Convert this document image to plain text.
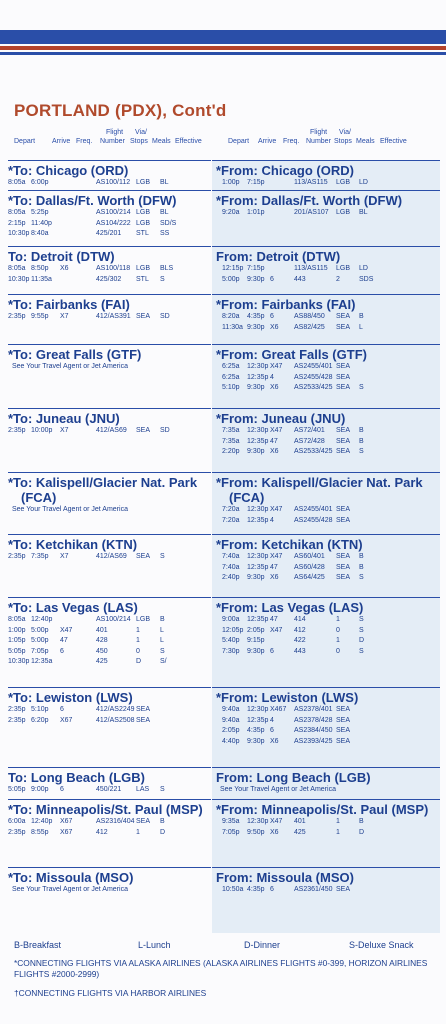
PORTLAND (PDX), Cont'd
Depart Arrive Freq.
Flight
Number
Via/
Stops Meals Effective	Depart Arrive Freq.
Flight
Number
Via/
Stops Meals Effective
*To: Chicago (ORD)
8:05a 6:00p	AS100/112 LGB BL
*To: Dallas/Ft. Worth (DFW)
8:05a 5:25p	AS100/214 LGB BL
2:15p 11:40p	AS104/222 LGB SD/S
10:30p 8:40a	425/201 STL SS
To: Detroit (DTW)
8:05a 8:50p X6	AS100/118 LGB BLS
10:30p 11:35a	425/302 STL S
*To: Fairbanks (FAI)
2:35p 9:55p X7	412/AS391 SEA SD
*To: Great Falls (GTF)
See Your Travel Agent or Jet America
*To: Juneau (JNU)
2:35p 10:00p X7	412/AS69 SEA SD
*To: Kalispell/Glacier Nat. Park (FCA)
See Your Travel Agent or Jet America
*To: Ketchikan (KTN)
2:35p 7:35p X7	412/AS69 SEA S
*To: Las Vegas (LAS)
8:05a 12:40p	AS100/214 LGB B
1:00p 5:00p X47	401	1	L
1:05p 5:00p 47	428	1	L
5:05p 7:05p 6	450	0	S
10:30p 12:35a	425	D	S/
*To: Lewiston (LWS)
2:35p 5:10p 6	412/AS2249 SEA
2:35p 6:20p X67	412/AS2508 SEA
To: Long Beach (LGB)
5:05p 9:00p 6	450/221 LAS S
*To: Minneapolis/St. Paul (MSP)
6:00a 12:40p X67	AS2316/404 SEA B
2:35p 8:55p X67	412	1	D
*To: Missoula (MSO)
See Your Travel Agent or Jet America
*From: Chicago (ORD)
1:00p 7:15p	113/AS115 LGB LD
*From: Dallas/Ft. Worth (DFW)
9:20a 1:01p	201/AS107 LGB BL
From: Detroit (DTW)
12:15p 7:15p	113/AS115 LGB LD
5:00p 9:30p 6	443	2	SDS
*From: Fairbanks (FAI)
8:20a 4:35p 6	AS88/450 SEA B
11:30a 9:30p X6 AS82/425 SEA L
*From: Great Falls (GTF)
6:25a 12:30p X47 AS2455/401 SEA
6:25a 12:35p 4	AS2455/428 SEA
5:10p 9:30p X6 AS2533/425 SEA S
*From: Juneau (JNU)
7:35a 12:30p X47 AS72/401 SEA B
7:35a 12:35p 47 AS72/428 SEA B
2:20p 9:30p X6 AS2533/425 SEA S
*From: Kalispell/Glacier Nat. Park (FCA)
7:20a 12:30p X47 AS2455/401 SEA
7:20a 12:35p 4	AS2455/428 SEA
*From: Ketchikan (KTN)
7:40a 12:30p X47 AS60/401 SEA B
7:40a 12:35p 47 AS60/428 SEA B
2:40p 9:30p X6 AS64/425 SEA S
*From: Las Vegas (LAS)
9:00a 12:35p 47 414	1	S
12:05p 2:05p X47 412	0	S
5:40p 9:15p	422	1	D
7:30p 9:30p 6	443	0	S
*From: Lewiston (LWS)
9:40a 12:30p X467 AS2378/401 SEA
9:40a 12:35p 4	AS2378/428 SEA
2:05p 4:35p 6	AS2384/450 SEA
4:40p 9:30p X6 AS2393/425 SEA
From: Long Beach (LGB)
See Your Travel Agent or Jet America
*From: Minneapolis/St. Paul (MSP)
9:35a 12:30p X47 401	1	B
7:05p 9:50p X6 425	1	D
From: Missoula (MSO)
10:50a 4:35p 6	AS2361/450 SEA
B-Breakfast	L-Lunch	D-Dinner	S-Deluxe Snack
*CONNECTING FLIGHTS VIA ALASKA AIRLINES (ALASKA AIRLINES FLIGHTS #0-399, HORIZON AIRLINES FLIGHTS #2000-2999)
†CONNECTING FLIGHTS VIA HARBOR AIRLINES
